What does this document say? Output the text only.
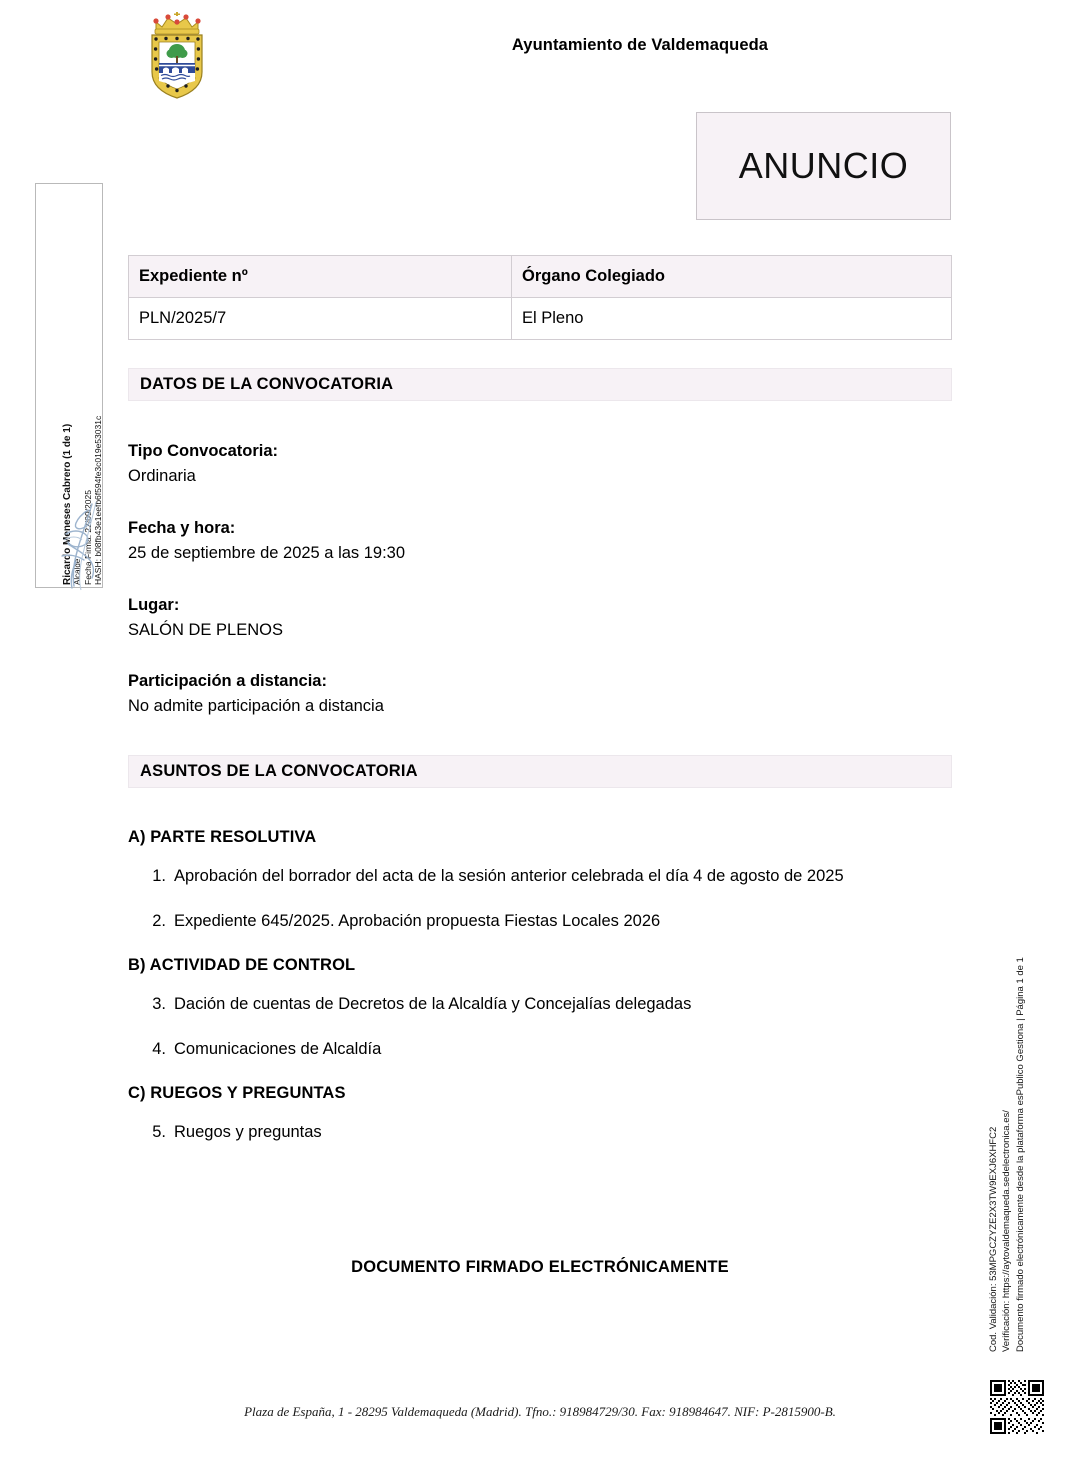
Ayuntamiento de Valdemaqueda
ANUNCIO
Expediente nº	Órgano Colegiado
PLN/2025/7	El Pleno
DATOS DE LA CONVOCATORIA
Tipo Convocatoria:
Ordinaria
Fecha y hora:
25 de septiembre de 2025 a las 19:30
Lugar:
SALÓN DE PLENOS
Participación a distancia:
No admite participación a distancia
ASUNTOS DE LA CONVOCATORIA
A) PARTE RESOLUTIVA
1. Aprobación del borrador del acta de la sesión anterior celebrada el día 4 de agosto de 2025
2. Expediente 645/2025. Aprobación propuesta Fiestas Locales 2026
B) ACTIVIDAD DE CONTROL
3. Dación de cuentas de Decretos de la Alcaldía y Concejalías delegadas
4. Comunicaciones de Alcaldía
C) RUEGOS Y PREGUNTAS
5. Ruegos y preguntas
DOCUMENTO FIRMADO ELECTRÓNICAMENTE
Ricardo Meneses Cabrero (1 de 1) Alcalde Fecha Firma: 22/09/2025 HASH: b08fb43e1eefb6f594fe3c019e53031c
Cod. Validación: 53MPGCZYZE2X3TW9EXJ6XHFC2 Verificación: https://aytovaldemaqueda.sedelectronica.es/ Documento firmado electrónicamente desde la plataforma esPublico Gestiona | Página 1 de 1
Plaza de España, 1 - 28295 Valdemaqueda (Madrid). Tfno.: 918984729/30. Fax: 918984647. NIF: P-2815900-B.
